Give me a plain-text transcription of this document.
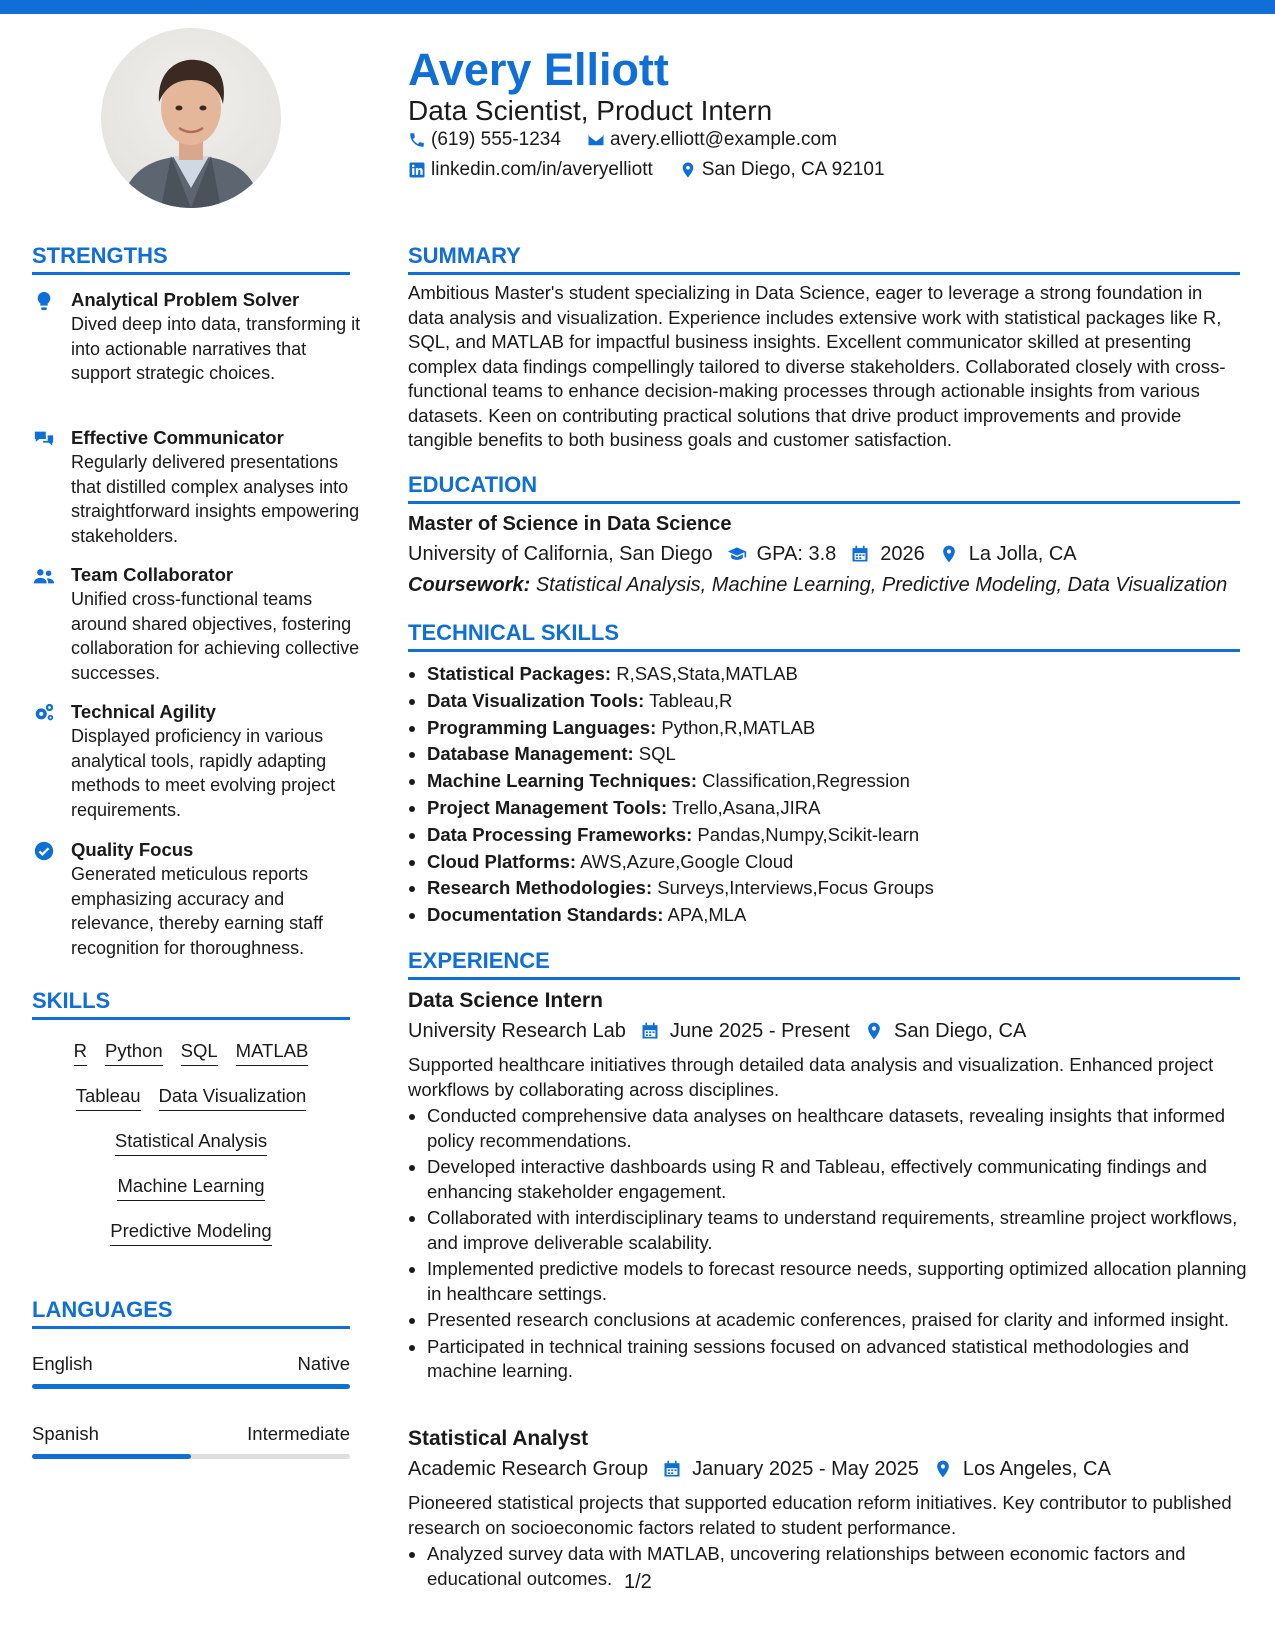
Avery Elliott
Data Scientist, Product Intern
(619) 555-1234	avery.elliott@example.com
linkedin.com/in/averyelliott	San Diego, CA 92101
STRENGTHS
Analytical Problem Solver
Dived deep into data, transforming it into actionable narratives that support strategic choices.
Effective Communicator
Regularly delivered presentations that distilled complex analyses into straightforward insights empowering stakeholders.
Team Collaborator
Unified cross-functional teams around shared objectives, fostering collaboration for achieving collective successes.
Technical Agility
Displayed proficiency in various analytical tools, rapidly adapting methods to meet evolving project requirements.
Quality Focus
Generated meticulous reports emphasizing accuracy and relevance, thereby earning staff recognition for thoroughness.
SKILLS
R Python SQL MATLAB
Tableau Data Visualization
Statistical Analysis
Machine Learning
Predictive Modeling
LANGUAGES
English	Native
Spanish	Intermediate
SUMMARY
Ambitious Master's student specializing in Data Science, eager to leverage a strong foundation in data analysis and visualization. Experience includes extensive work with statistical packages like R, SQL, and MATLAB for impactful business insights. Excellent communicator skilled at presenting complex data findings compellingly tailored to diverse stakeholders. Collaborated closely with cross-functional teams to enhance decision-making processes through actionable insights from various datasets. Keen on contributing practical solutions that drive product improvements and provide tangible benefits to both business goals and customer satisfaction.
EDUCATION
Master of Science in Data Science
University of California, San Diego GPA: 3.8 2026 La Jolla, CA
Coursework: Statistical Analysis, Machine Learning, Predictive Modeling, Data Visualization
TECHNICAL SKILLS
• Statistical Packages: R,SAS,Stata,MATLAB
• Data Visualization Tools: Tableau,R
• Programming Languages: Python,R,MATLAB
• Database Management: SQL
• Machine Learning Techniques: Classification,Regression
• Project Management Tools: Trello,Asana,JIRA
• Data Processing Frameworks: Pandas,Numpy,Scikit-learn
• Cloud Platforms: AWS,Azure,Google Cloud
• Research Methodologies: Surveys,Interviews,Focus Groups
• Documentation Standards: APA,MLA
EXPERIENCE
Data Science Intern
University Research Lab June 2025 - Present San Diego, CA
Supported healthcare initiatives through detailed data analysis and visualization. Enhanced project workflows by collaborating across disciplines.
• Conducted comprehensive data analyses on healthcare datasets, revealing insights that informed policy recommendations.
• Developed interactive dashboards using R and Tableau, effectively communicating findings and enhancing stakeholder engagement.
• Collaborated with interdisciplinary teams to understand requirements, streamline project workflows, and improve deliverable scalability.
• Implemented predictive models to forecast resource needs, supporting optimized allocation planning in healthcare settings.
• Presented research conclusions at academic conferences, praised for clarity and informed insight.
• Participated in technical training sessions focused on advanced statistical methodologies and machine learning.
Statistical Analyst
Academic Research Group January 2025 - May 2025 Los Angeles, CA
Pioneered statistical projects that supported education reform initiatives. Key contributor to published research on socioeconomic factors related to student performance.
• Analyzed survey data with MATLAB, uncovering relationships between economic factors and educational outcomes. 1/2
